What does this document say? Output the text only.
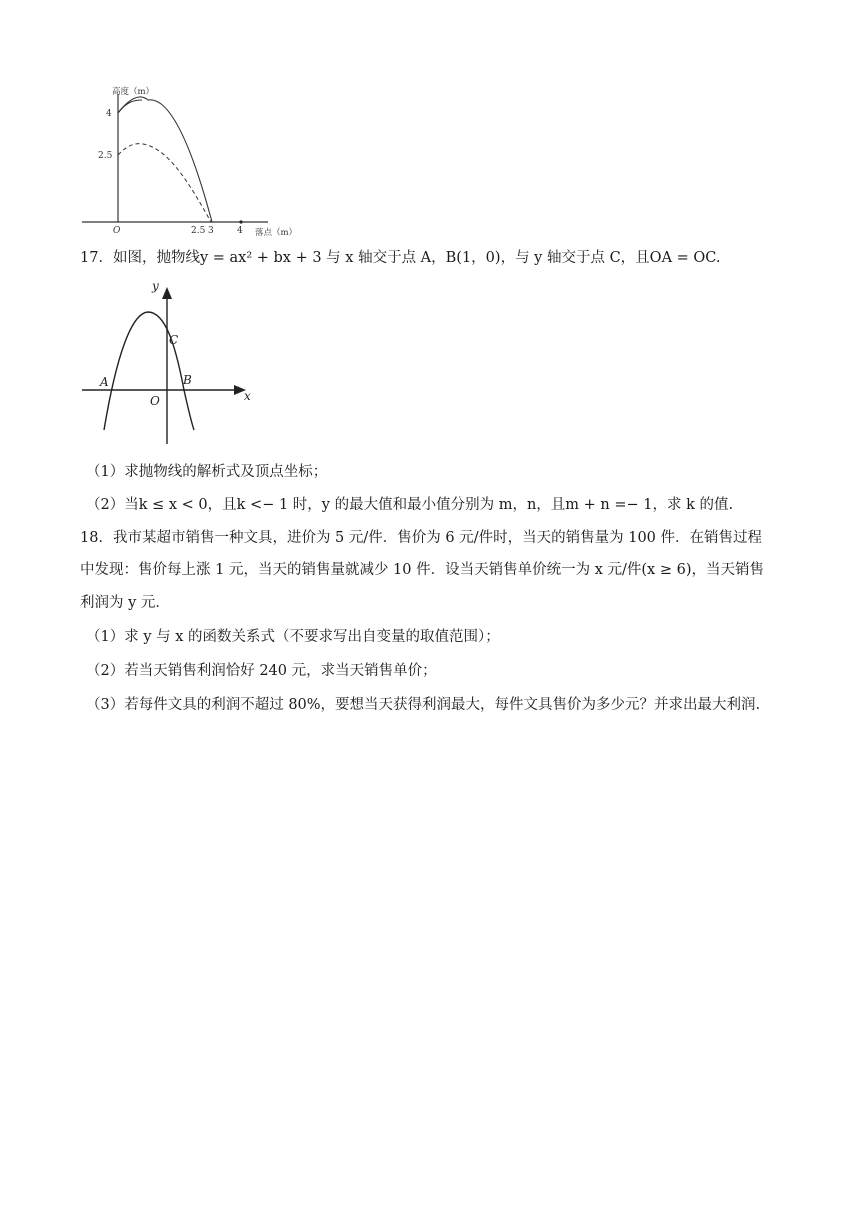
高度（m）
落点（m）
O
4
2.5
2.5 3	4
17．如图，抛物线y = ax² + bx + 3 与 x 轴交于点 A，B(1，0)，与 y 轴交于点 C，且OA = OC.
y
x
O
A	B
C
（1）求抛物线的解析式及顶点坐标；
（2）当k ≤ x < 0，且k <− 1 时，y 的最大值和最小值分别为 m，n，且m + n =− 1，求 k 的值.
18．我市某超市销售一种文具，进价为 5 元/件．售价为 6 元/件时，当天的销售量为 100 件．在销售过程
中发现：售价每上涨 1 元，当天的销售量就减少 10 件．设当天销售单价统一为 x 元/件(x ≥ 6)，当天销售
利润为 y 元．
（1）求 y 与 x 的函数关系式（不要求写出自变量的取值范围）；
（2）若当天销售利润恰好 240 元，求当天销售单价；
（3）若每件文具的利润不超过 80%，要想当天获得利润最大，每件文具售价为多少元？并求出最大利润.
